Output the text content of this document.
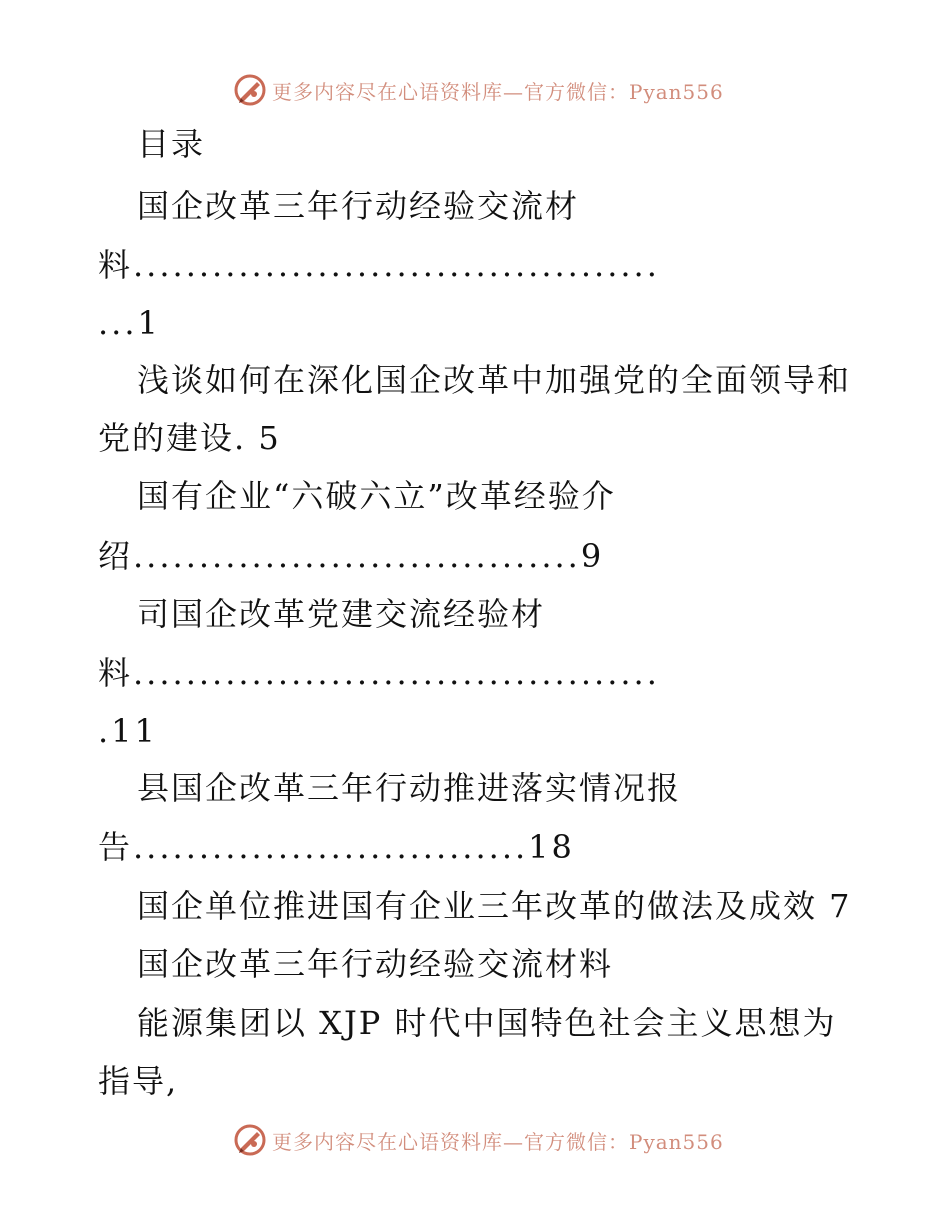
更多内容尽在心语资料库—官方微信：Pyan556
目录
国企改革三年行动经验交流材
料........................................
...1
浅谈如何在深化国企改革中加强党的全面领导和
党的建设. 5
国有企业“六破六立”改革经验介
绍..................................9
司国企改革党建交流经验材
料........................................
.11
县国企改革三年行动推进落实情况报
告..............................18
国企单位推进国有企业三年改革的做法及成效 7
国企改革三年行动经验交流材料
能源集团以 XJP 时代中国特色社会主义思想为
指导,
更多内容尽在心语资料库—官方微信：Pyan556
